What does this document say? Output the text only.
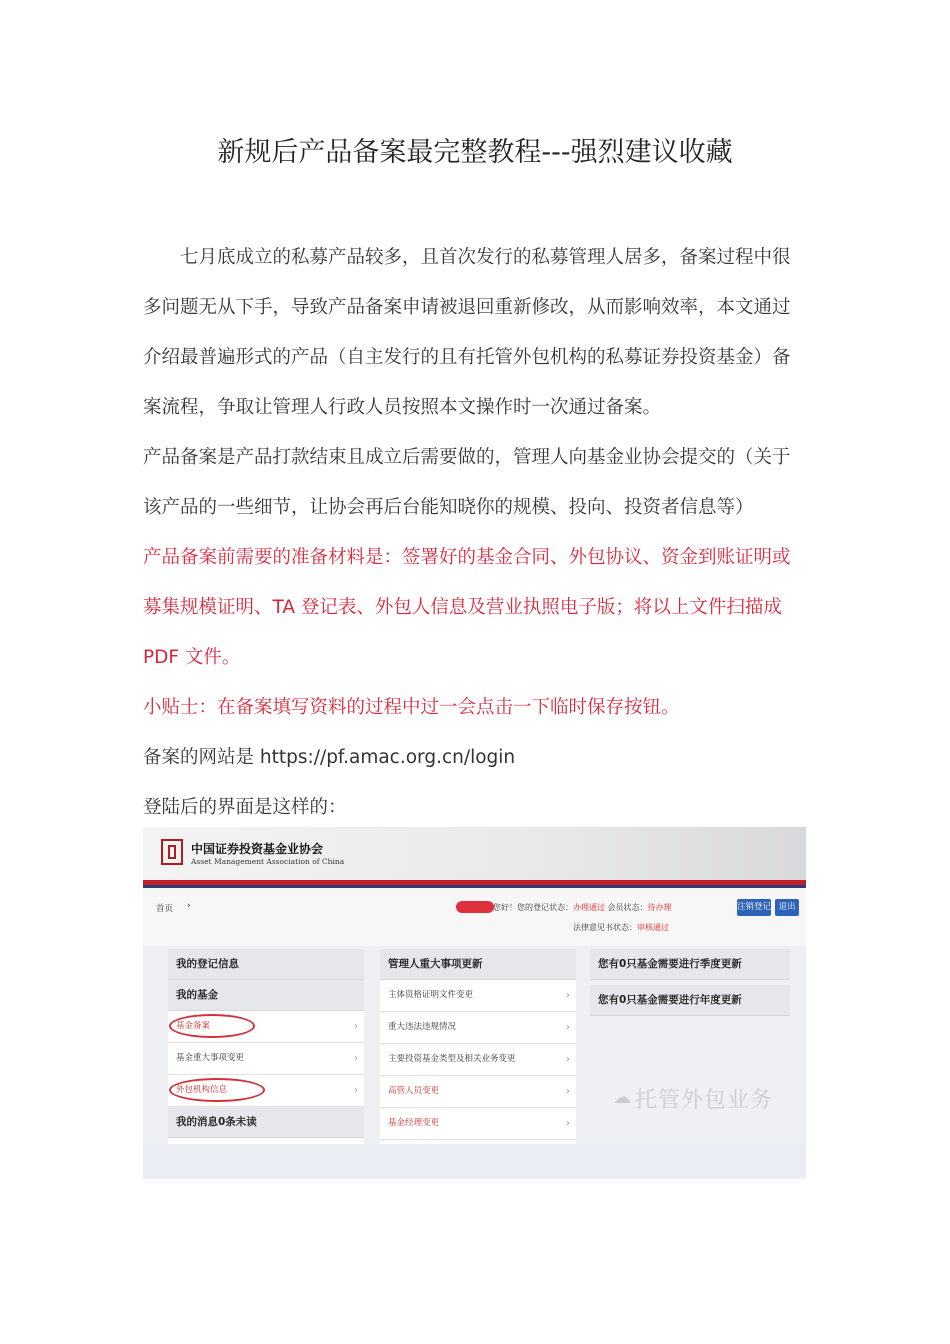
新规后产品备案最完整教程---强烈建议收藏

七月底成立的私募产品较多，且首次发行的私募管理人居多，备案过程中很多问题无从下手，导致产品备案申请被退回重新修改，从而影响效率，本文通过介绍最普遍形式的产品（自主发行的且有托管外包机构的私募证券投资基金）备案流程，争取让管理人行政人员按照本文操作时一次通过备案。

产品备案是产品打款结束且成立后需要做的，管理人向基金业协会提交的（关于该产品的一些细节，让协会再后台能知晓你的规模、投向、投资者信息等）

产品备案前需要的准备材料是：签署好的基金合同、外包协议、资金到账证明或募集规模证明、TA 登记表、外包人信息及营业执照电子版；将以上文件扫描成 PDF 文件。

小贴士：在备案填写资料的过程中过一会点击一下临时保存按钮。

备案的网站是 https://pf.amac.org.cn/login

登陆后的界面是这样的：

中国证券投资基金业协会
Asset Management Association of China
首页 ›	您好！您的登记状态：办理通过 会员状态：待办理
法律意见书状态：审核通过
注销登记 退出
我的登记信息
我的基金
基金备案	›
基金重大事项变更	›
外包机构信息	›
我的消息0条未读
管理人重大事项更新
主体资格证明文件变更	›
重大违法违规情况	›
主要投资基金类型及相关业务变更	›
高管人员变更	›
基金经理变更	›
您有0只基金需要进行季度更新
您有0只基金需要进行年度更新
☁ 托管外包业务
